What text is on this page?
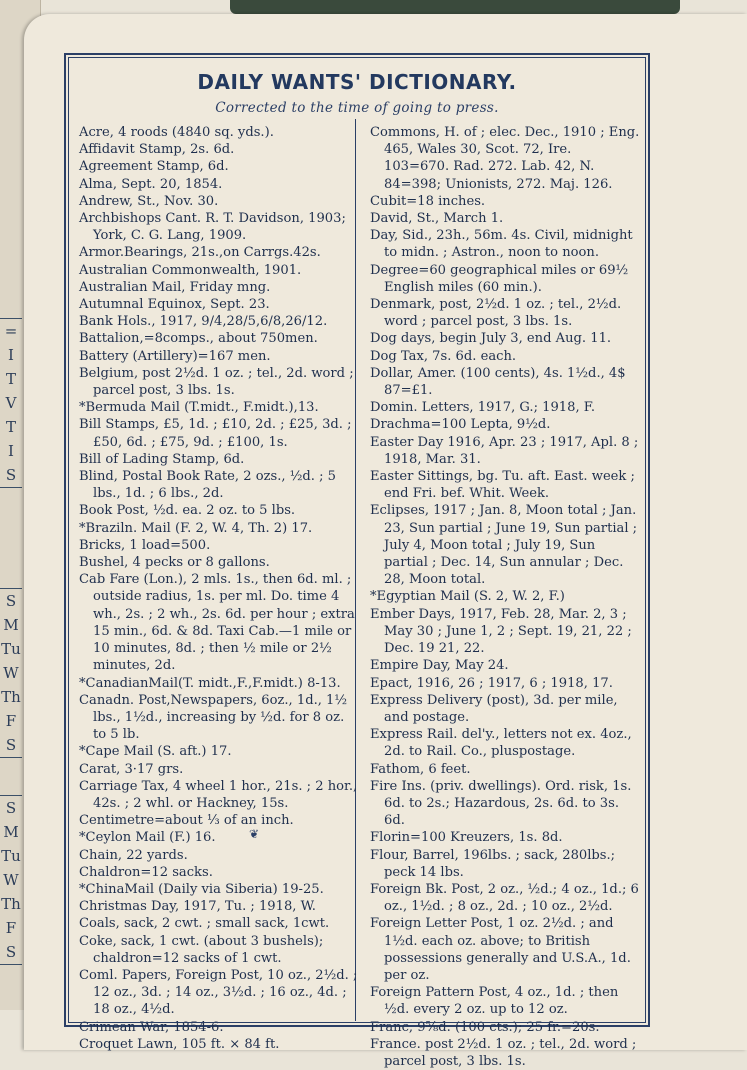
=
I
T
V
T
I
S
S
M
Tu
W
Th
F
S
S
M
Tu
W
Th
F
S
DAILY WANTS' DICTIONARY.
Corrected to the time of going to press.
Acre, 4 roods (4840 sq. yds.).
Affidavit Stamp, 2s. 6d.
Agreement Stamp, 6d.
Alma, Sept. 20, 1854.
Andrew, St., Nov. 30.
Archbishops Cant. R. T. Davidson, 1903; York, C. G. Lang, 1909.
Armor.Bearings, 21s.,on Carrgs.42s.
Australian Commonwealth, 1901.
Australian Mail, Friday mng.
Autumnal Equinox, Sept. 23.
Bank Hols., 1917, 9/4,28/5,6/8,26/12.
Battalion,=8comps., about 750men.
Battery (Artillery)=167 men.
Belgium, post 2½d. 1 oz. ; tel., 2d. word ; parcel post, 3 lbs. 1s.
*Bermuda Mail (T.midt., F.midt.),13.
Bill Stamps, £5, 1d. ; £10, 2d. ; £25, 3d. ; £50, 6d. ; £75, 9d. ; £100, 1s.
Bill of Lading Stamp, 6d.
Blind, Postal Book Rate, 2 ozs., ½d. ; 5 lbs., 1d. ; 6 lbs., 2d.
Book Post, ½d. ea. 2 oz. to 5 lbs.
*Braziln. Mail (F. 2, W. 4, Th. 2) 17.
Bricks, 1 load=500.
Bushel, 4 pecks or 8 gallons.
Cab Fare (Lon.), 2 mls. 1s., then 6d. ml. ; outside radius, 1s. per ml. Do. time 4 wh., 2s. ; 2 wh., 2s. 6d. per hour ; extra 15 min., 6d. & 8d. Taxi Cab.—1 mile or 10 minutes, 8d. ; then ½ mile or 2½ minutes, 2d.
*CanadianMail(T. midt.,F.,F.midt.) 8-13.
Canadn. Post,Newspapers, 6oz., 1d., 1½ lbs., 1½d., increasing by ½d. for 8 oz. to 5 lb.
*Cape Mail (S. aft.) 17.
Carat, 3·17 grs.
Carriage Tax, 4 wheel 1 hor., 21s. ; 2 hor., 42s. ; 2 whl. or Hackney, 15s.
Centimetre=about ⅓ of an inch.
*Ceylon Mail (F.) 16.
Chain, 22 yards.
Chaldron=12 sacks.
*ChinaMail (Daily via Siberia) 19-25.
Christmas Day, 1917, Tu. ; 1918, W.
Coals, sack, 2 cwt. ; small sack, 1cwt.
Coke, sack, 1 cwt. (about 3 bushels); chaldron=12 sacks of 1 cwt.
Coml. Papers, Foreign Post, 10 oz., 2½d. ; 12 oz., 3d. ; 14 oz., 3½d. ; 16 oz., 4d. ; 18 oz., 4½d.
Crimean War, 1854-6.
Croquet Lawn, 105 ft. × 84 ft.
Commons, H. of ; elec. Dec., 1910 ; Eng. 465, Wales 30, Scot. 72, Ire. 103=670. Rad. 272. Lab. 42, N. 84=398; Unionists, 272. Maj. 126.
Cubit=18 inches.
David, St., March 1.
Day, Sid., 23h., 56m. 4s. Civil, midnight to midn. ; Astron., noon to noon.
Degree=60 geographical miles or 69½ English miles (60 min.).
Denmark, post, 2½d. 1 oz. ; tel., 2½d. word ; parcel post, 3 lbs. 1s.
Dog days, begin July 3, end Aug. 11.
Dog Tax, 7s. 6d. each.
Dollar, Amer. (100 cents), 4s. 1½d., 4$ 87=£1.
Domin. Letters, 1917, G.; 1918, F.
Drachma=100 Lepta, 9½d.
Easter Day 1916, Apr. 23 ; 1917, Apl. 8 ; 1918, Mar. 31.
Easter Sittings, bg. Tu. aft. East. week ; end Fri. bef. Whit. Week.
Eclipses, 1917 ; Jan. 8, Moon total ; Jan. 23, Sun partial ; June 19, Sun partial ; July 4, Moon total ; July 19, Sun partial ; Dec. 14, Sun annular ; Dec. 28, Moon total.
*Egyptian Mail (S. 2, W. 2, F.)
Ember Days, 1917, Feb. 28, Mar. 2, 3 ; May 30 ; June 1, 2 ; Sept. 19, 21, 22 ; Dec. 19 21, 22.
Empire Day, May 24.
Epact, 1916, 26 ; 1917, 6 ; 1918, 17.
Express Delivery (post), 3d. per mile, and postage.
Express Rail. del'y., letters not ex. 4oz., 2d. to Rail. Co., pluspostage.
Fathom, 6 feet.
Fire Ins. (priv. dwellings). Ord. risk, 1s. 6d. to 2s.; Hazardous, 2s. 6d. to 3s. 6d.
Florin=100 Kreuzers, 1s. 8d.
Flour, Barrel, 196lbs. ; sack, 280lbs.; peck 14 lbs.
Foreign Bk. Post, 2 oz., ½d.; 4 oz., 1d.; 6 oz., 1½d. ; 8 oz., 2d. ; 10 oz., 2½d.
Foreign Letter Post, 1 oz. 2½d. ; and 1½d. each oz. above; to British possessions generally and U.S.A., 1d. per oz.
Foreign Pattern Post, 4 oz., 1d. ; then ½d. every 2 oz. up to 12 oz.
Franc, 9⅝d. (100 cts.); 25 fr.=20s.
France. post 2½d. 1 oz. ; tel., 2d. word ; parcel post, 3 lbs. 1s.
❦
